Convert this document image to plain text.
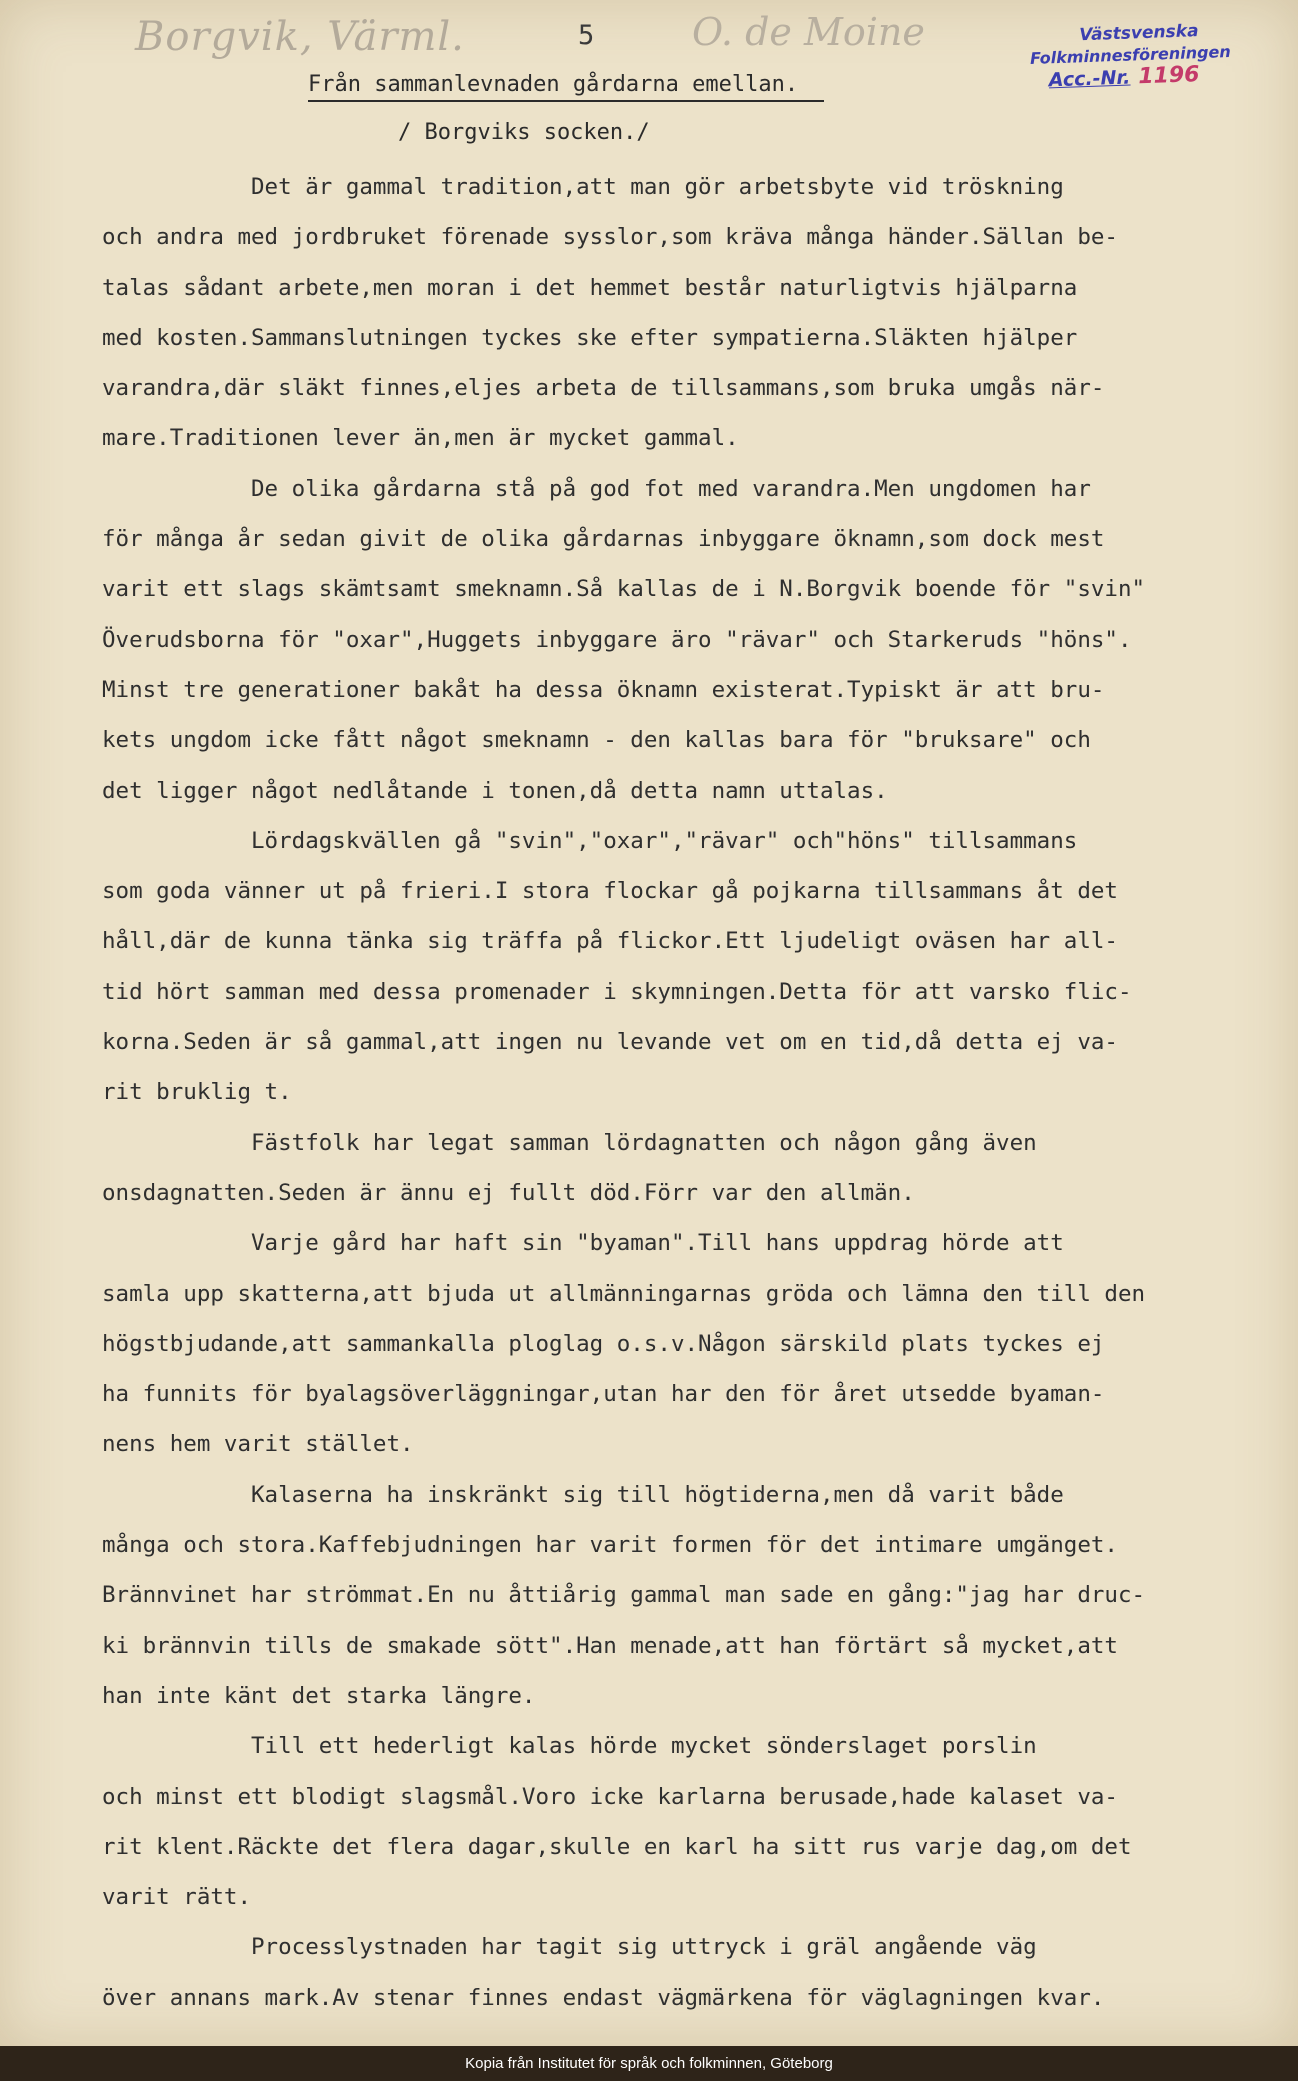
Borgvik, Värml.	5	O. de Moine	Västsvenska
Folkminnesföreningen
Acc.-Nr. 1196
Från sammanlevnaden gårdarna emellan.
/ Borgviks socken./
Det är gammal tradition,att man gör arbetsbyte vid tröskning
och andra med jordbruket förenade sysslor,som kräva många händer.Sällan be-
talas sådant arbete,men moran i det hemmet består naturligtvis hjälparna
med kosten.Sammanslutningen tyckes ske efter sympatierna.Släkten hjälper
varandra,där släkt finnes,eljes arbeta de tillsammans,som bruka umgås när-
mare.Traditionen lever än,men är mycket gammal.
De olika gårdarna stå på god fot med varandra.Men ungdomen har
för många år sedan givit de olika gårdarnas inbyggare öknamn,som dock mest
varit ett slags skämtsamt smeknamn.Så kallas de i N.Borgvik boende för "svin"
Överudsborna för "oxar",Huggets inbyggare äro "rävar" och Starkeruds "höns".
Minst tre generationer bakåt ha dessa öknamn existerat.Typiskt är att bru-
kets ungdom icke fått något smeknamn - den kallas bara för "bruksare" och
det ligger något nedlåtande i tonen,då detta namn uttalas.
Lördagskvällen gå "svin","oxar","rävar" och"höns" tillsammans
som goda vänner ut på frieri.I stora flockar gå pojkarna tillsammans åt det
håll,där de kunna tänka sig träffa på flickor.Ett ljudeligt oväsen har all-
tid hört samman med dessa promenader i skymningen.Detta för att varsko flic-
korna.Seden är så gammal,att ingen nu levande vet om en tid,då detta ej va-
rit bruklig t.
Fästfolk har legat samman lördagnatten och någon gång även
onsdagnatten.Seden är ännu ej fullt död.Förr var den allmän.
Varje gård har haft sin "byaman".Till hans uppdrag hörde att
samla upp skatterna,att bjuda ut allmänningarnas gröda och lämna den till den
högstbjudande,att sammankalla ploglag o.s.v.Någon särskild plats tyckes ej
ha funnits för byalagsöverläggningar,utan har den för året utsedde byaman-
nens hem varit stället.
Kalaserna ha inskränkt sig till högtiderna,men då varit både
många och stora.Kaffebjudningen har varit formen för det intimare umgänget.
Brännvinet har strömmat.En nu åttiårig gammal man sade en gång:"jag har druc-
ki brännvin tills de smakade sött".Han menade,att han förtärt så mycket,att
han inte känt det starka längre.
Till ett hederligt kalas hörde mycket sönderslaget porslin
och minst ett blodigt slagsmål.Voro icke karlarna berusade,hade kalaset va-
rit klent.Räckte det flera dagar,skulle en karl ha sitt rus varje dag,om det
varit rätt.
Processlystnaden har tagit sig uttryck i gräl angående väg
över annans mark.Av stenar finnes endast vägmärkena för väglagningen kvar.
Kopia från Institutet för språk och folkminnen, Göteborg
